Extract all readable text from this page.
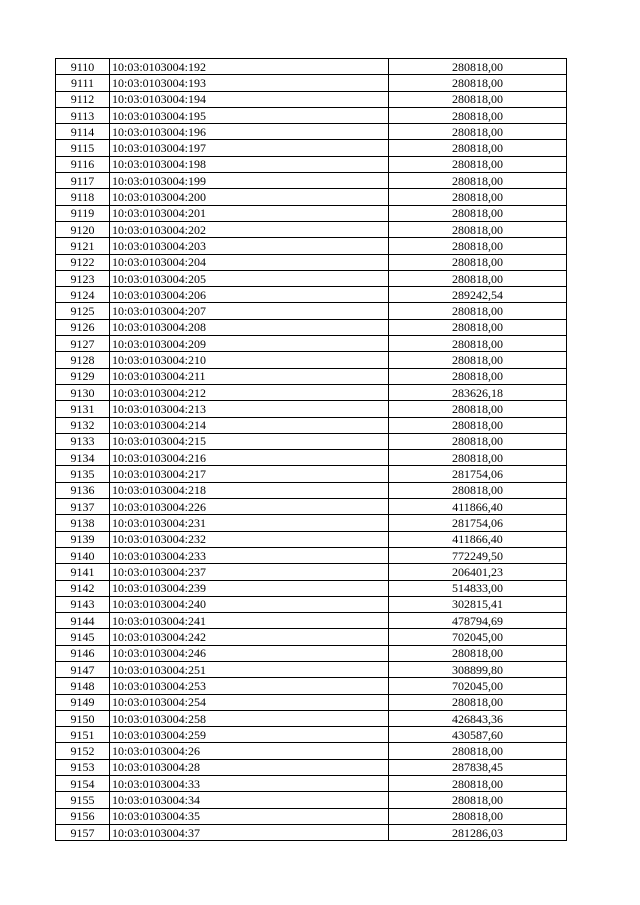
9110	10:03:0103004:192	280818,00
9111	10:03:0103004:193	280818,00
9112	10:03:0103004:194	280818,00
9113	10:03:0103004:195	280818,00
9114	10:03:0103004:196	280818,00
9115	10:03:0103004:197	280818,00
9116	10:03:0103004:198	280818,00
9117	10:03:0103004:199	280818,00
9118	10:03:0103004:200	280818,00
9119	10:03:0103004:201	280818,00
9120	10:03:0103004:202	280818,00
9121	10:03:0103004:203	280818,00
9122	10:03:0103004:204	280818,00
9123	10:03:0103004:205	280818,00
9124	10:03:0103004:206	289242,54
9125	10:03:0103004:207	280818,00
9126	10:03:0103004:208	280818,00
9127	10:03:0103004:209	280818,00
9128	10:03:0103004:210	280818,00
9129	10:03:0103004:211	280818,00
9130	10:03:0103004:212	283626,18
9131	10:03:0103004:213	280818,00
9132	10:03:0103004:214	280818,00
9133	10:03:0103004:215	280818,00
9134	10:03:0103004:216	280818,00
9135	10:03:0103004:217	281754,06
9136	10:03:0103004:218	280818,00
9137	10:03:0103004:226	411866,40
9138	10:03:0103004:231	281754,06
9139	10:03:0103004:232	411866,40
9140	10:03:0103004:233	772249,50
9141	10:03:0103004:237	206401,23
9142	10:03:0103004:239	514833,00
9143	10:03:0103004:240	302815,41
9144	10:03:0103004:241	478794,69
9145	10:03:0103004:242	702045,00
9146	10:03:0103004:246	280818,00
9147	10:03:0103004:251	308899,80
9148	10:03:0103004:253	702045,00
9149	10:03:0103004:254	280818,00
9150	10:03:0103004:258	426843,36
9151	10:03:0103004:259	430587,60
9152	10:03:0103004:26	280818,00
9153	10:03:0103004:28	287838,45
9154	10:03:0103004:33	280818,00
9155	10:03:0103004:34	280818,00
9156	10:03:0103004:35	280818,00
9157	10:03:0103004:37	281286,03
